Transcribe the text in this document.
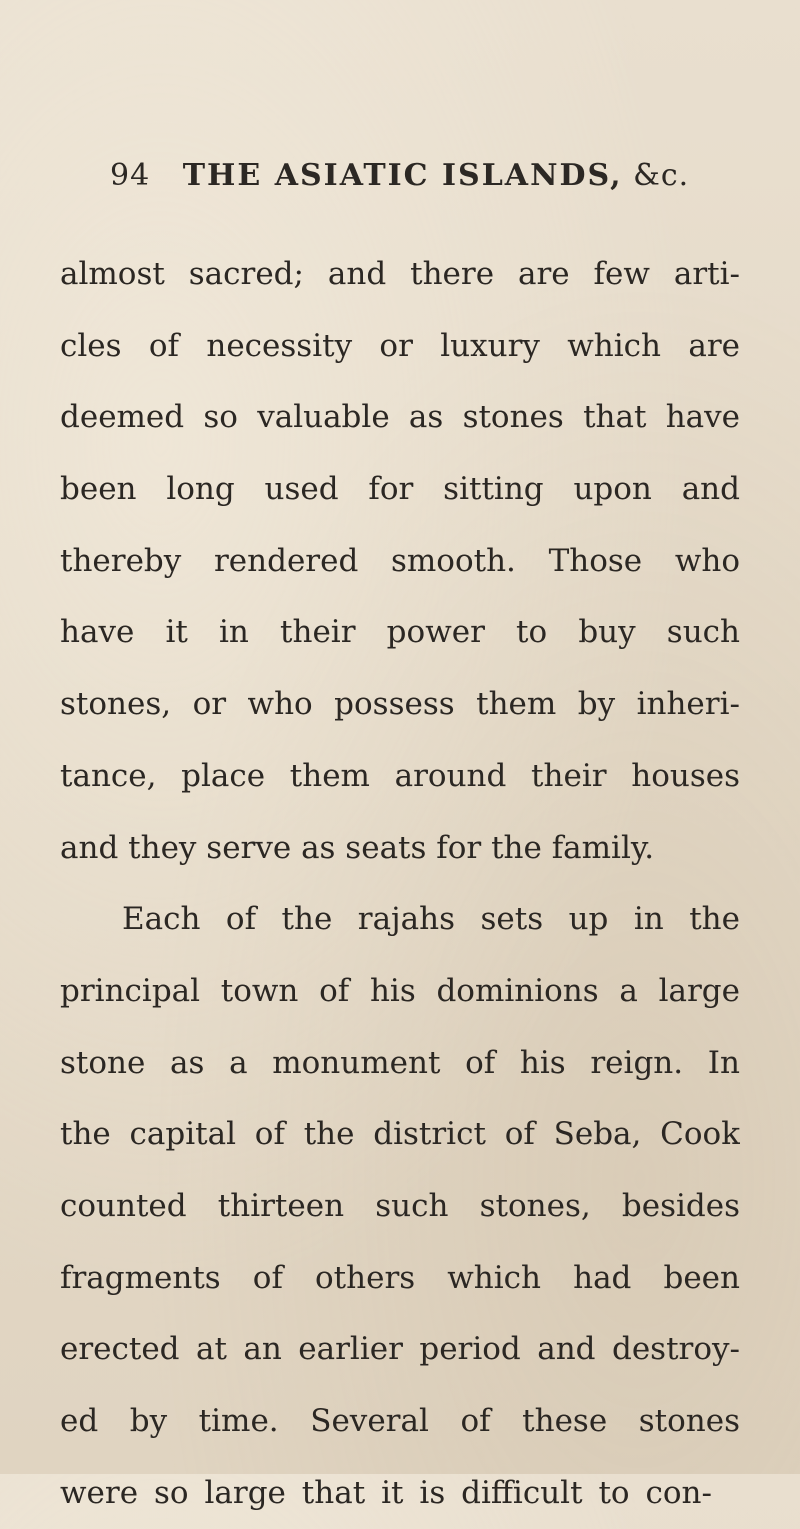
94 THE ASIATIC ISLANDS, &c.
almost sacred; and there are few arti-
cles of necessity or luxury which are
deemed so valuable as stones that have
been long used for sitting upon and
thereby rendered smooth. Those who
have it in their power to buy such
stones, or who possess them by inheri-
tance, place them around their houses
and they serve as seats for the family.
Each of the rajahs sets up in the
principal town of his dominions a large
stone as a monument of his reign. In
the capital of the district of Seba, Cook
counted thirteen such stones, besides
fragments of others which had been
erected at an earlier period and destroy-
ed by time. Several of these stones
were so large that it is difficult to con-
